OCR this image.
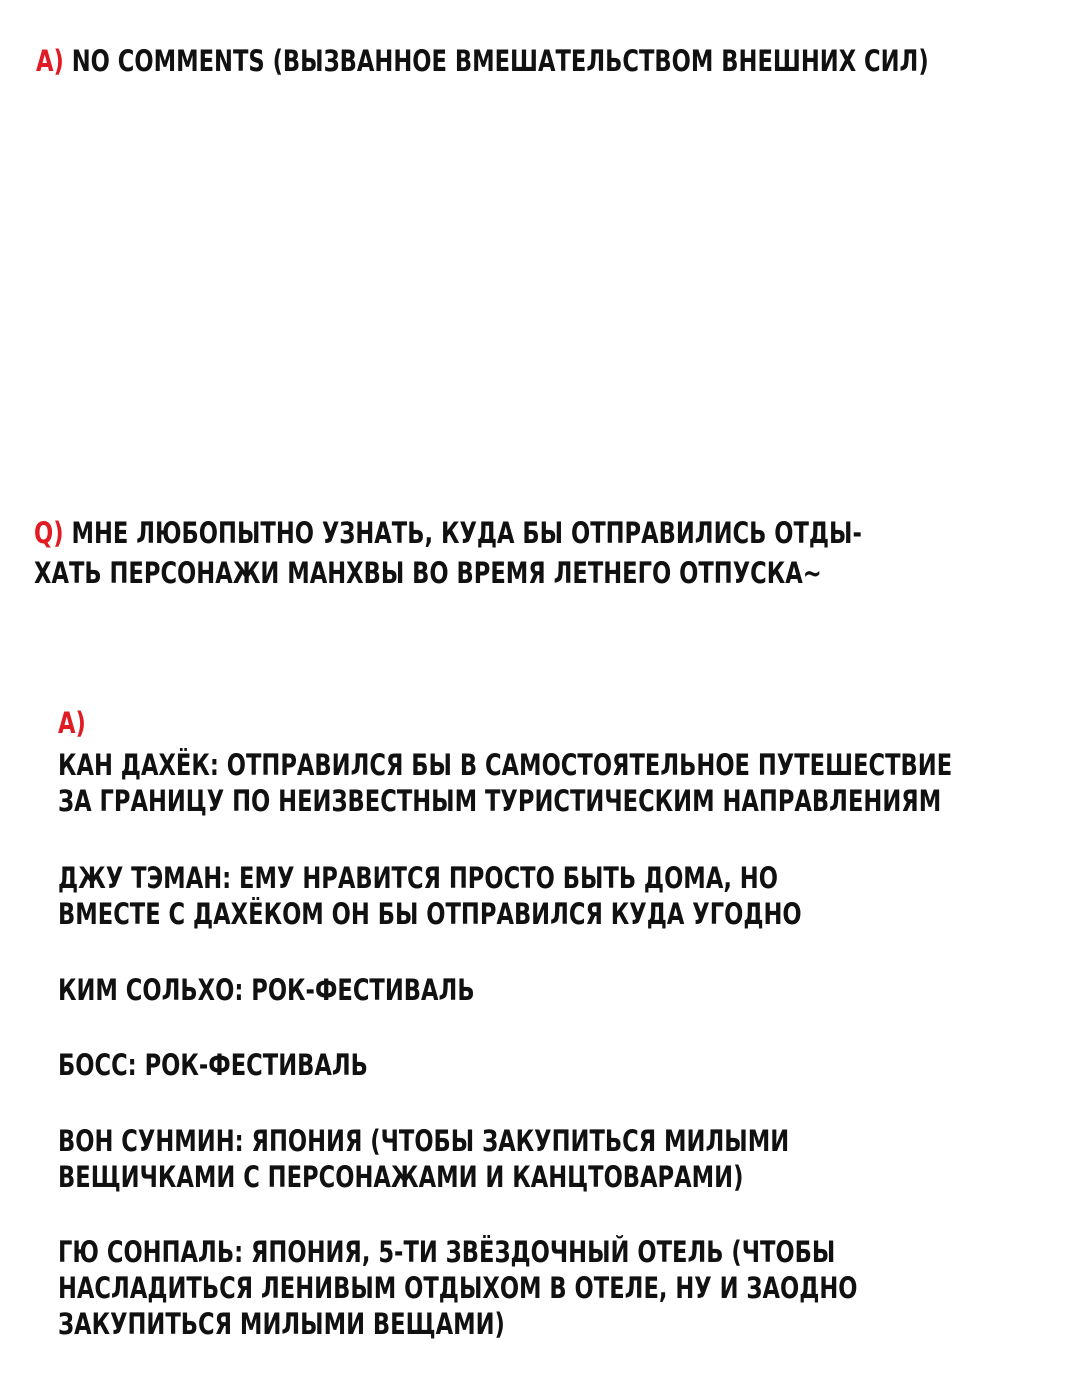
A) NO COMMENTS (ВЫЗВАННОЕ ВМЕШАТЕЛЬСТВОМ ВНЕШНИХ СИЛ)
Q) МНЕ ЛЮБОПЫТНО УЗНАТЬ, КУДА БЫ ОТПРАВИЛИСЬ ОТДЫ-
ХАТЬ ПЕРСОНАЖИ МАНХВЫ ВО ВРЕМЯ ЛЕТНЕГО ОТПУСКА~
A)
КАН ДАХЁК: ОТПРАВИЛСЯ БЫ В САМОСТОЯТЕЛЬНОЕ ПУТЕШЕСТВИЕ
ЗА ГРАНИЦУ ПО НЕИЗВЕСТНЫМ ТУРИСТИЧЕСКИМ НАПРАВЛЕНИЯМ
ДЖУ ТЭМАН: ЕМУ НРАВИТСЯ ПРОСТО БЫТЬ ДОМА, НО
ВМЕСТЕ С ДАХЁКОМ ОН БЫ ОТПРАВИЛСЯ КУДА УГОДНО
КИМ СОЛЬХО: РОК-ФЕСТИВАЛЬ
БОСС: РОК-ФЕСТИВАЛЬ
ВОН СУНМИН: ЯПОНИЯ (ЧТОБЫ ЗАКУПИТЬСЯ МИЛЫМИ
ВЕЩИЧКАМИ С ПЕРСОНАЖАМИ И КАНЦТОВАРАМИ)
ГЮ СОНПАЛЬ: ЯПОНИЯ, 5-ТИ ЗВЁЗДОЧНЫЙ ОТЕЛЬ (ЧТОБЫ
НАСЛАДИТЬСЯ ЛЕНИВЫМ ОТДЫХОМ В ОТЕЛЕ, НУ И ЗАОДНО
ЗАКУПИТЬСЯ МИЛЫМИ ВЕЩАМИ)
